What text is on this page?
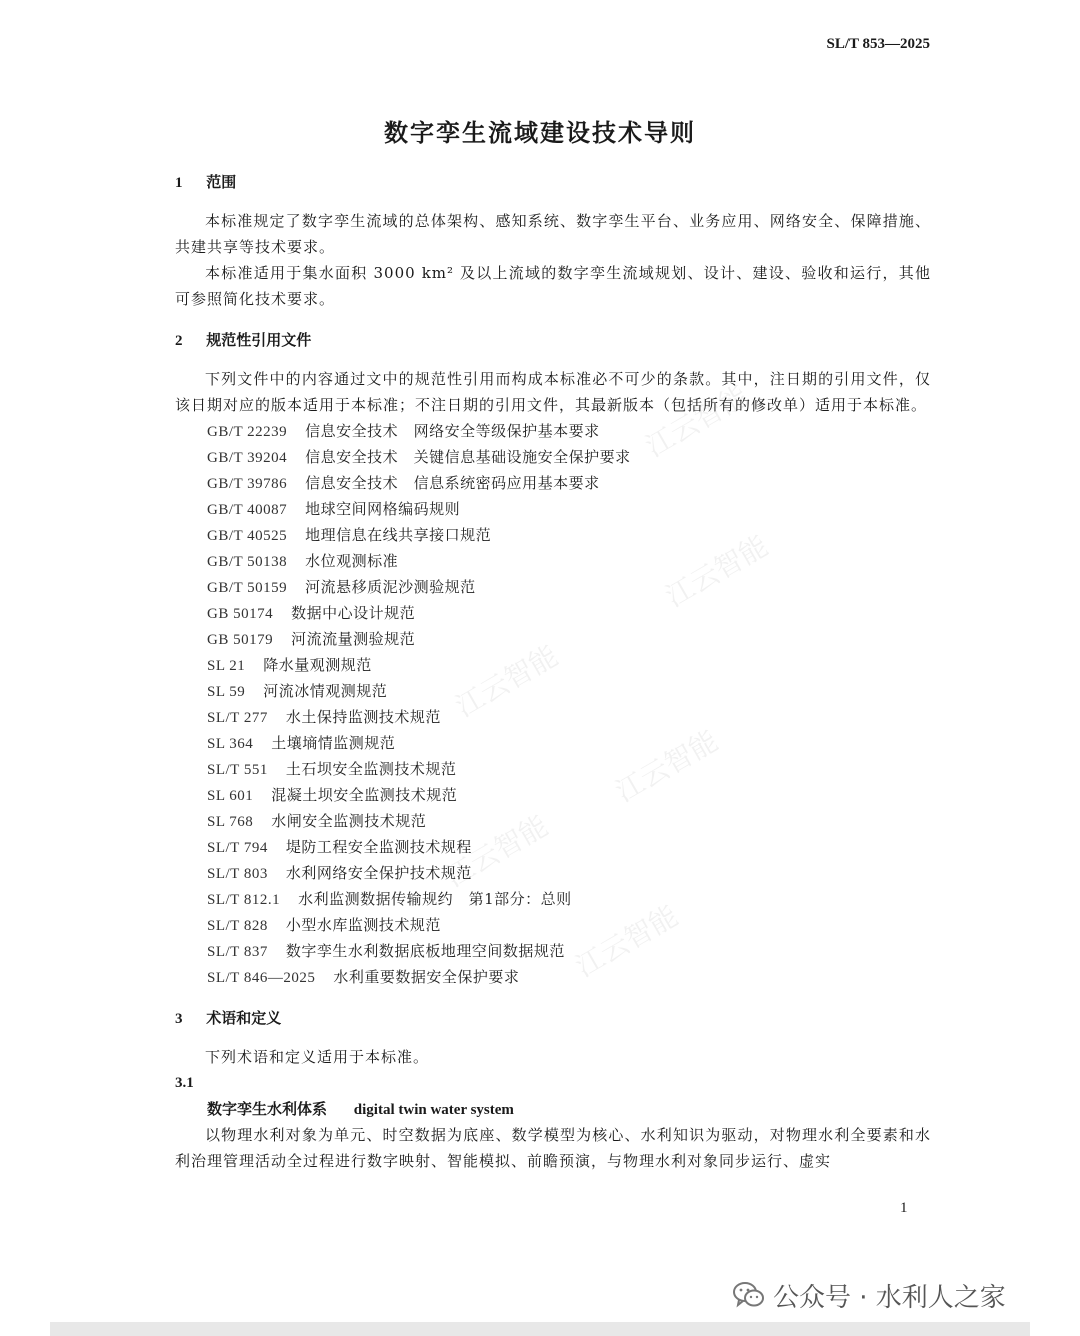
SL/T 853—2025
数字孪生流域建设技术导则
江云智能
江云智能
江云智能
江云智能
江云智能
江云智能
1 范围

本标准规定了数字孪生流域的总体架构、感知系统、数字孪生平台、业务应用、网络安全、保障措施、共建共享等技术要求。

本标准适用于集水面积 3000 km² 及以上流域的数字孪生流域规划、设计、建设、验收和运行，其他可参照简化技术要求。

2 规范性引用文件

下列文件中的内容通过文中的规范性引用而构成本标准必不可少的条款。其中，注日期的引用文件，仅该日期对应的版本适用于本标准；不注日期的引用文件，其最新版本（包括所有的修改单）适用于本标准。

GB/T 22239 信息安全技术　网络安全等级保护基本要求
GB/T 39204 信息安全技术　关键信息基础设施安全保护要求
GB/T 39786 信息安全技术　信息系统密码应用基本要求
GB/T 40087 地球空间网格编码规则
GB/T 40525 地理信息在线共享接口规范
GB/T 50138 水位观测标准
GB/T 50159 河流悬移质泥沙测验规范
GB 50174 数据中心设计规范
GB 50179 河流流量测验规范
SL 21 降水量观测规范
SL 59 河流冰情观测规范
SL/T 277 水土保持监测技术规范
SL 364 土壤墒情监测规范
SL/T 551 土石坝安全监测技术规范
SL 601 混凝土坝安全监测技术规范
SL 768 水闸安全监测技术规范
SL/T 794 堤防工程安全监测技术规程
SL/T 803 水利网络安全保护技术规范
SL/T 812.1 水利监测数据传输规约　第1部分：总则
SL/T 828 小型水库监测技术规范
SL/T 837 数字孪生水利数据底板地理空间数据规范
SL/T 846—2025 水利重要数据安全保护要求
3 术语和定义

下列术语和定义适用于本标准。

3.1
数字孪生水利体系 digital twin water system

以物理水利对象为单元、时空数据为底座、数学模型为核心、水利知识为驱动，对物理水利全要素和水利治理管理活动全过程进行数字映射、智能模拟、前瞻预演，与物理水利对象同步运行、虚实

1
公众号 · 水利人之家
